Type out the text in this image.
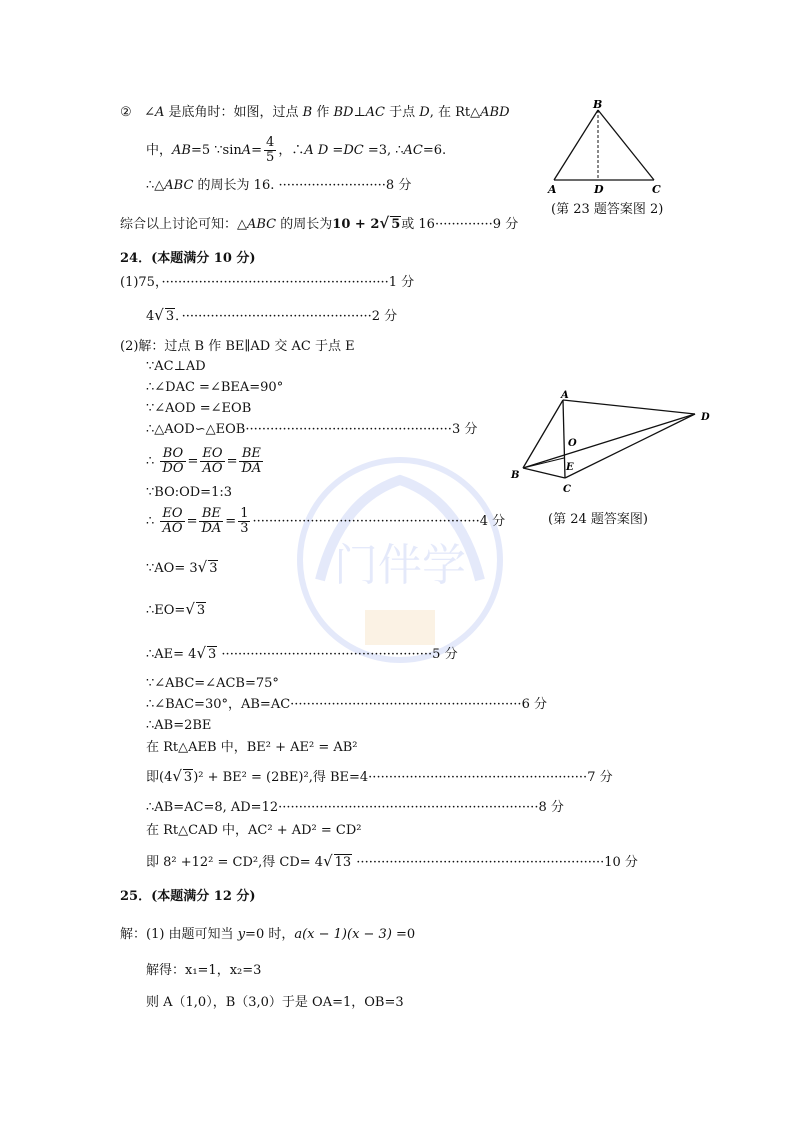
门伴学
② ∠A 是底角时：如图，过点 B 作 BD⊥AC 于点 D, 在 Rt△ABD
中，AB=5 ∵sinA= $\frac{4}{5}$ ，∴A D =DC =3, ∴AC=6.
∴△ABC 的周长为 16. ··························8 分
综合以上讨论可知：△ABC 的周长为10 + 2√ 5或 16··············9 分
B
A	D	C
(第 23 题答案图 2)
24．(本题满分 10 分)
(1)75，·······················································1 分
4√ 3．··············································2 分
(2)解：过点 B 作 BE∥AD 交 AC 于点 E
∵AC⊥AD
∴∠DAC =∠BEA=90°
∵∠AOD =∠EOB
∴△AOD∽△EOB··················································3 分
∴ $\frac{BO}{DO} = \frac{EO}{AO} = \frac{BE}{DA}$
∵BO:OD=1:3
∴ $\frac{EO}{AO} = \frac{BE}{DA} = \frac{1}{3} \cdot\cdot\cdot\cdot\cdot\cdot\cdot\cdot\cdot\cdot\cdot\cdot\cdot\cdot\cdot\cdot\cdot\cdot\cdot\cdot\cdot\cdot\cdot\cdot\cdot\cdot\cdot\cdot\cdot\cdot\cdot\cdot\cdot\cdot\cdot\cdot\cdot\cdot\cdot\cdot\cdot\cdot\cdot\cdot\cdot\cdot\cdot\cdot\cdot\cdot\cdot\cdot\cdot\cdot\cdot 4$ 分
∵AO= 3√ 3
∴EO=√ 3
∴AE= 4√ 3 ···················································5 分
∵∠ABC=∠ACB=75°
∴∠BAC=30°，AB=AC························································6 分
∴AB=2BE
在 Rt△AEB 中，BE² + AE² = AB²
即(4√ 3)² + BE² = (2BE)²,得 BE=4·····················································7 分
∴AB=AC=8, AD=12·······························································8 分
在 Rt△CAD 中，AC² + AD² = CD²
即 8² +12² = CD²,得 CD= 4√ 13 ····························································10 分
A
D
O
E
B
C
(第 24 题答案图)
25．(本题满分 12 分)
解：(1) 由题可知当 y=0 时，a(x − 1)(x − 3) =0
解得：x₁=1，x₂=3
则 A（1,0），B（3,0）于是 OA=1，OB=3
